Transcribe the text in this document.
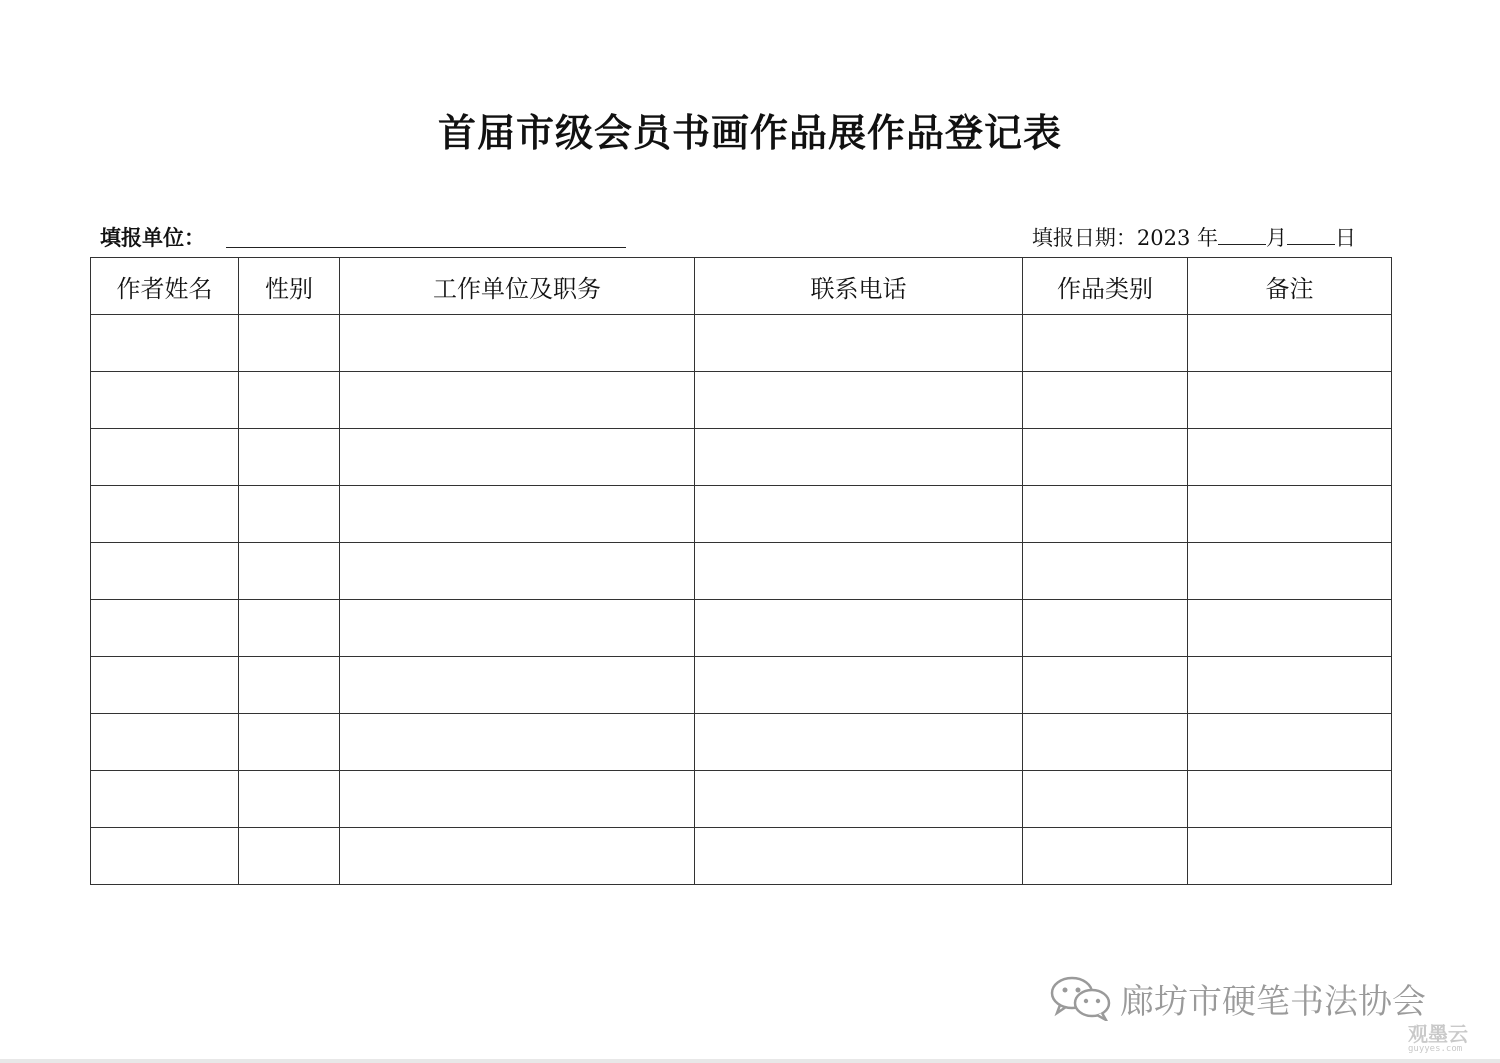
首届市级会员书画作品展作品登记表
填报单位：	填报日期：2023 年 月 日
作者姓名	性别	工作单位及职务	联系电话	作品类别	备注

廊坊市硬笔书法协会
观墨云
guyyes.com
